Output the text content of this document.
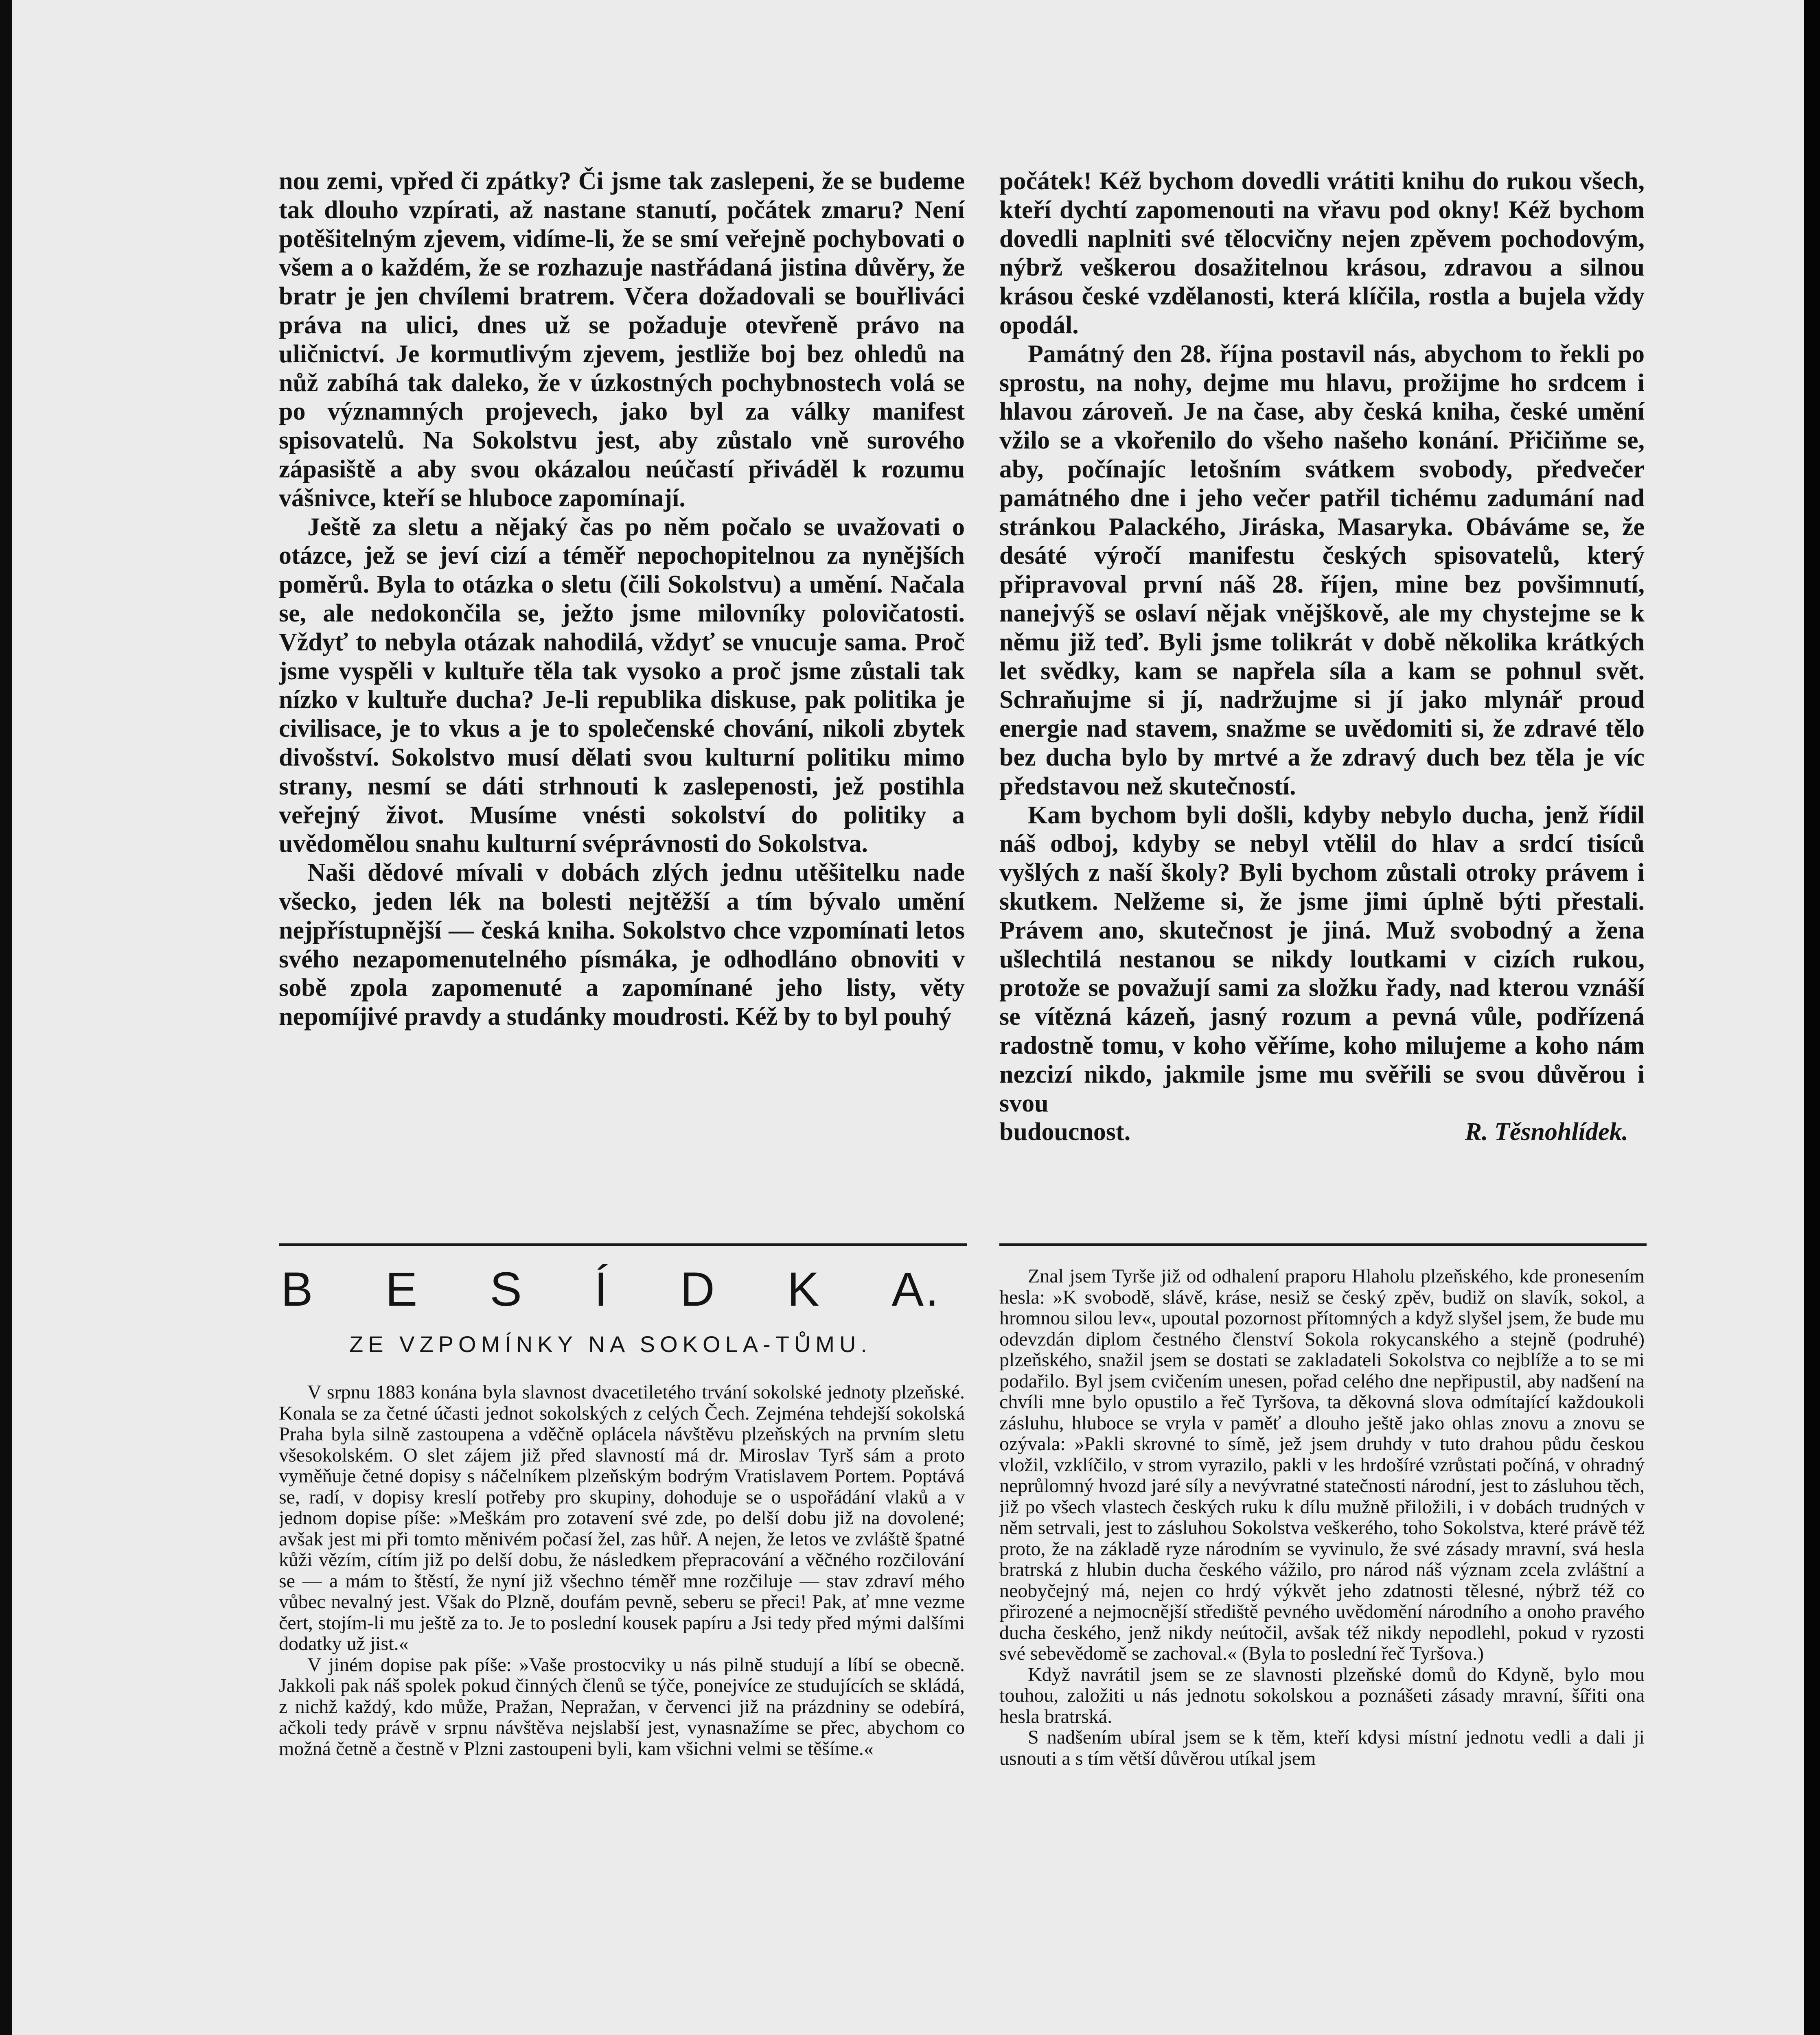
nou zemi, vpřed či zpátky? Či jsme tak zaslepeni, že se budeme tak dlouho vzpírati, až nastane stanutí, počátek zmaru? Není potěšitelným zjevem, vidíme-li, že se smí veřejně pochybovati o všem a o každém, že se rozhazuje nastřádaná jistina důvěry, že bratr je jen chvílemi bratrem. Včera dožadovali se bouřliváci práva na ulici, dnes už se požaduje otevřeně právo na uličnictví. Je kormutlivým zjevem, jestliže boj bez ohledů na nůž zabíhá tak daleko, že v úzkostných pochybnostech volá se po významných projevech, jako byl za války manifest spisovatelů. Na Sokolstvu jest, aby zůstalo vně surového zápasiště a aby svou okázalou neúčastí přiváděl k rozumu vášnivce, kteří se hluboce zapomínají.

Ještě za sletu a nějaký čas po něm počalo se uvažovati o otázce, jež se jeví cizí a téměř nepochopitelnou za nynějších poměrů. Byla to otázka o sletu (čili Sokolstvu) a umění. Načala se, ale nedokončila se, ježto jsme milovníky polovičatosti. Vždyť to nebyla otázak nahodilá, vždyť se vnucuje sama. Proč jsme vyspěli v kultuře těla tak vysoko a proč jsme zůstali tak nízko v kultuře ducha? Je-li republika diskuse, pak politika je civilisace, je to vkus a je to společenské chování, nikoli zbytek divošství. Sokolstvo musí dělati svou kulturní politiku mimo strany, nesmí se dáti strhnouti k zaslepenosti, jež postihla veřejný život. Musíme vnésti sokolství do politiky a uvědomělou snahu kulturní svéprávnosti do Sokolstva.

Naši dědové mívali v dobách zlých jednu utěšitelku nade všecko, jeden lék na bolesti nejtěžší a tím bývalo umění nejpřístupnější — česká kniha. Sokolstvo chce vzpomínati letos svého nezapomenutelného písmáka, je odhodláno obnoviti v sobě zpola zapomenuté a zapomínané jeho listy, věty nepomíjivé pravdy a studánky moudrosti. Kéž by to byl pouhý

počátek! Kéž bychom dovedli vrátiti knihu do rukou všech, kteří dychtí zapomenouti na vřavu pod okny! Kéž bychom dovedli naplniti své tělocvičny nejen zpěvem pochodovým, nýbrž veškerou dosažitelnou krásou, zdravou a silnou krásou české vzdělanosti, která klíčila, rostla a bujela vždy opodál.

Památný den 28. října postavil nás, abychom to řekli po sprostu, na nohy, dejme mu hlavu, prožijme ho srdcem i hlavou zároveň. Je na čase, aby česká kniha, české umění vžilo se a vkořenilo do všeho našeho konání. Přičiňme se, aby, počínajíc letošním svátkem svobody, předvečer památného dne i jeho večer patřil tichému zadumání nad stránkou Palackého, Jiráska, Masaryka. Obáváme se, že desáté výročí manifestu českých spisovatelů, který připravoval první náš 28. říjen, mine bez povšimnutí, nanejvýš se oslaví nějak vnějškově, ale my chystejme se k němu již teď. Byli jsme tolikrát v době několika krátkých let svědky, kam se napřela síla a kam se pohnul svět. Schraňujme si jí, nadržujme si jí jako mlynář proud energie nad stavem, snažme se uvědomiti si, že zdravé tělo bez ducha bylo by mrtvé a že zdravý duch bez těla je víc představou než skutečností.

Kam bychom byli došli, kdyby nebylo ducha, jenž řídil náš odboj, kdyby se nebyl vtělil do hlav a srdcí tisíců vyšlých z naší školy? Byli bychom zůstali otroky právem i skutkem. Nelžeme si, že jsme jimi úplně býti přestali. Právem ano, skutečnost je jiná. Muž svobodný a žena ušlechtilá nestanou se nikdy loutkami v cizích rukou, protože se považují sami za složku řady, nad kterou vznáší se vítězná kázeň, jasný rozum a pevná vůle, podřízená radostně tomu, v koho věříme, koho milujeme a koho nám nezcizí nikdo, jakmile jsme mu svěřili se svou důvěrou i svou

budoucnost.	R. Těsnohlídek.
B E S Í D K A.
ZE VZPOMÍNKY NA SOKOLA-TŮMU.

V srpnu 1883 konána byla slavnost dvacetiletého trvání sokolské jednoty plzeňské. Konala se za četné účasti jednot sokolských z celých Čech. Zejména tehdejší sokolská Praha byla silně zastoupena a vděčně oplácela návštěvu plzeňských na prvním sletu všesokolském. O slet zájem již před slavností má dr. Miroslav Tyrš sám a proto vyměňuje četné dopisy s náčelníkem plzeňským bodrým Vratislavem Portem. Poptává se, radí, v dopisy kreslí potřeby pro skupiny, dohoduje se o uspořádání vlaků a v jednom dopise píše: »Meškám pro zotavení své zde, po delší dobu již na dovolené; avšak jest mi při tomto měnivém počasí žel, zas hůř. A nejen, že letos ve zvláště špatné kůži vězím, cítím již po delší dobu, že následkem přepracování a věčného rozčilování se — a mám to štěstí, že nyní již všechno téměř mne rozčiluje — stav zdraví mého vůbec nevalný jest. Však do Plzně, doufám pevně, seberu se přeci! Pak, ať mne vezme čert, stojím-li mu ještě za to. Je to poslední kousek papíru a Jsi tedy před mými dalšími dodatky už jist.«

V jiném dopise pak píše: »Vaše prostocviky u nás pilně studují a líbí se obecně. Jakkoli pak náš spolek pokud činných členů se týče, ponejvíce ze studujících se skládá, z nichž každý, kdo může, Pražan, Nepražan, v červenci již na prázdniny se odebírá, ačkoli tedy právě v srpnu návštěva nejslabší jest, vynasnažíme se přec, abychom co možná četně a čestně v Plzni zastoupeni byli, kam všichni velmi se těšíme.«

Znal jsem Tyrše již od odhalení praporu Hlaholu plzeňského, kde pronesením hesla: »K svobodě, slávě, kráse, nesiž se český zpěv, budiž on slavík, sokol, a hromnou silou lev«, upoutal pozornost přítomných a když slyšel jsem, že bude mu odevzdán diplom čestného členství Sokola rokycanského a stejně (podruhé) plzeňského, snažil jsem se dostati se zakladateli Sokolstva co nejblíže a to se mi podařilo. Byl jsem cvičením unesen, pořad celého dne nepřipustil, aby nadšení na chvíli mne bylo opustilo a řeč Tyršova, ta děkovná slova odmítající každoukoli zásluhu, hluboce se vryla v paměť a dlouho ještě jako ohlas znovu a znovu se ozývala: »Pakli skrovné to símě, jež jsem druhdy v tuto drahou půdu českou vložil, vzklíčilo, v strom vyrazilo, pakli v les hrdošíré vzrůstati počíná, v ohradný neprůlomný hvozd jaré síly a nevývratné statečnosti národní, jest to zásluhou těch, již po všech vlastech českých ruku k dílu mužně přiložili, i v dobách trudných v něm setrvali, jest to zásluhou Sokolstva veškerého, toho Sokolstva, které právě též proto, že na základě ryze národním se vyvinulo, že své zásady mravní, svá hesla bratrská z hlubin ducha českého vážilo, pro národ náš význam zcela zvláštní a neobyčejný má, nejen co hrdý výkvět jeho zdatnosti tělesné, nýbrž též co přirozené a nejmocnější střediště pevného uvědomění národního a onoho pravého ducha českého, jenž nikdy neútočil, avšak též nikdy nepodlehl, pokud v ryzosti své sebevědomě se zachoval.« (Byla to poslední řeč Tyršova.)

Když navrátil jsem se ze slavnosti plzeňské domů do Kdyně, bylo mou touhou, založiti u nás jednotu sokolskou a poznášeti zásady mravní, šířiti ona hesla bratrská.

S nadšením ubíral jsem se k těm, kteří kdysi místní jednotu vedli a dali ji usnouti a s tím větší důvěrou utíkal jsem
